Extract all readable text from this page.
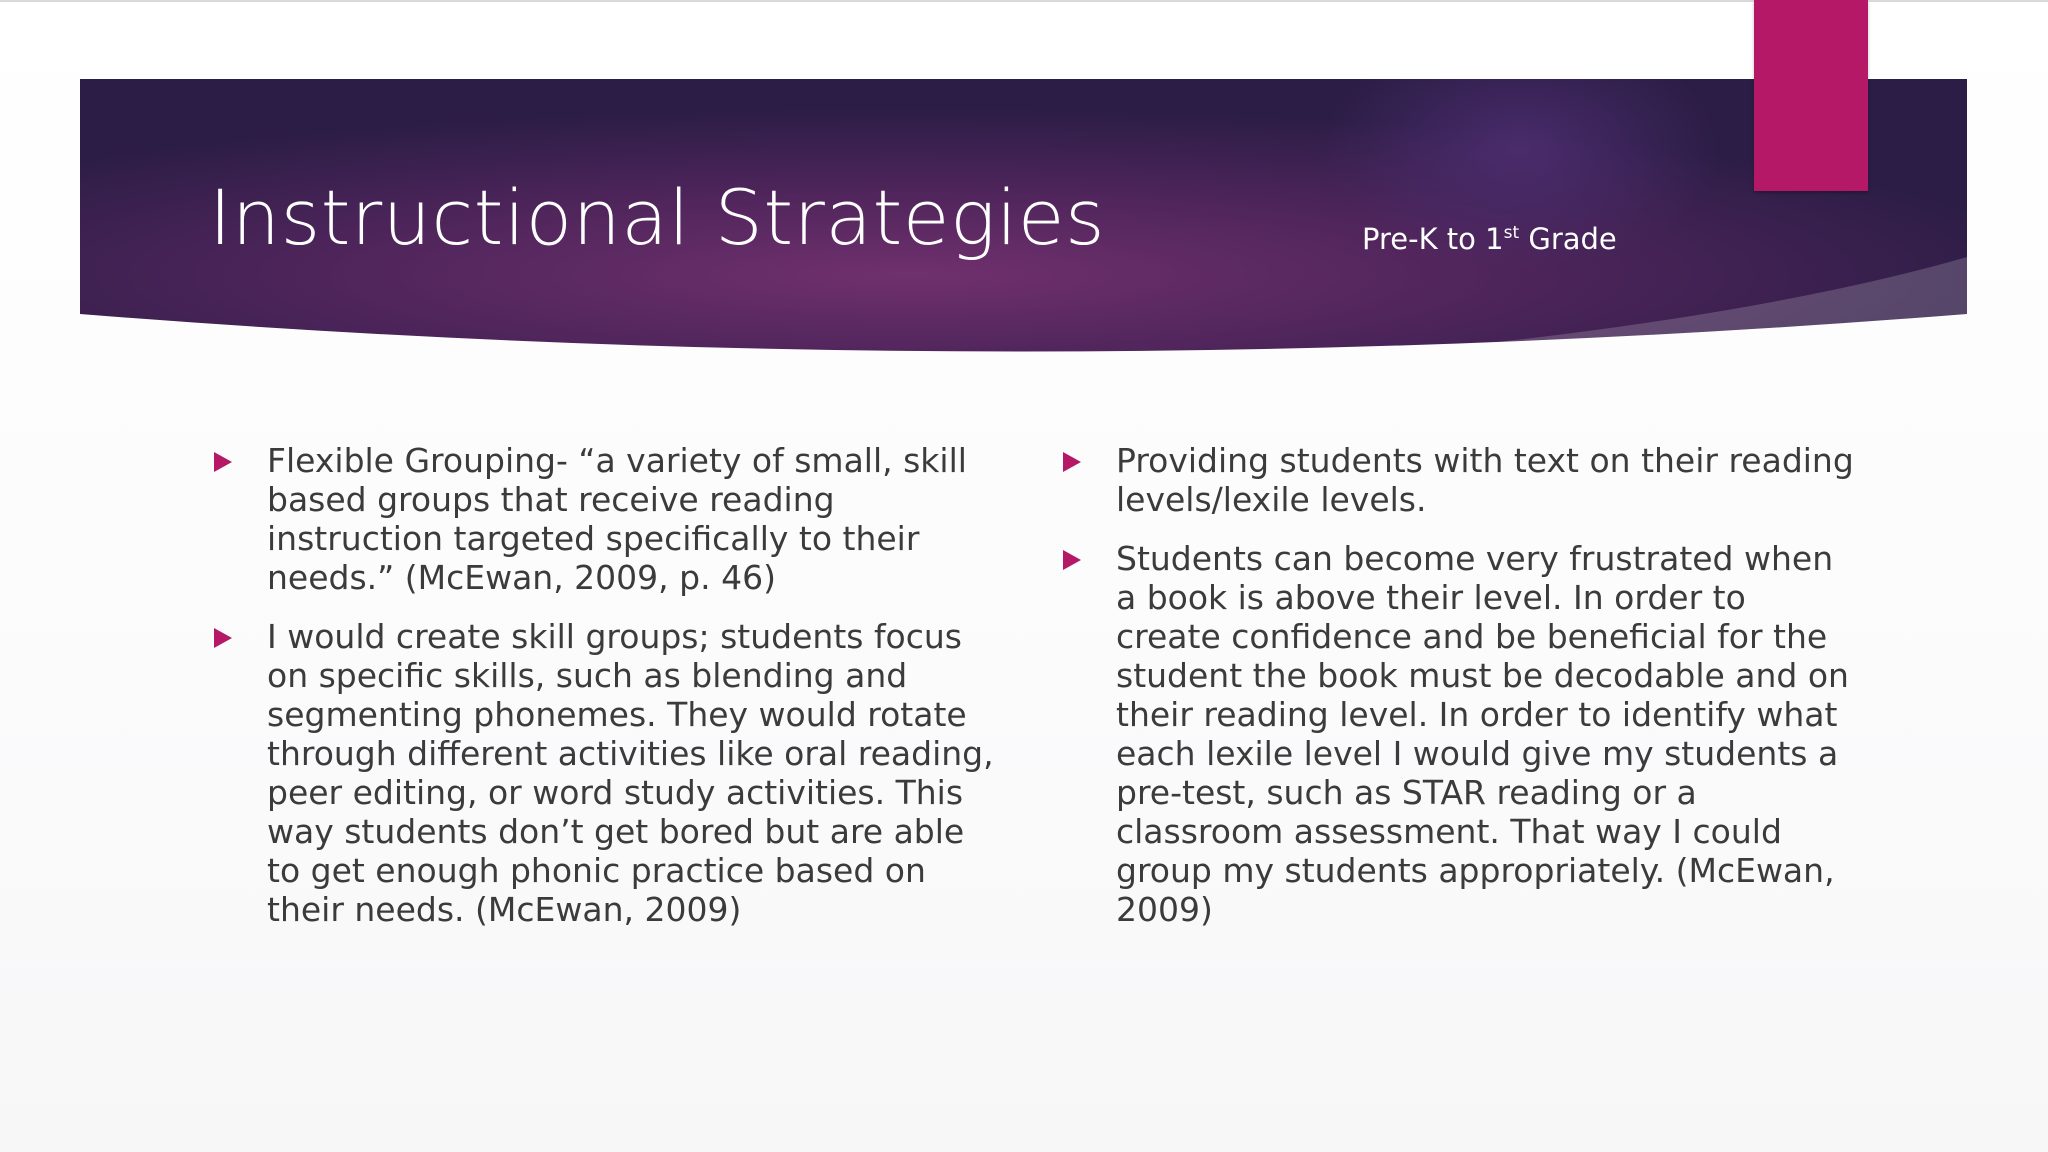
Instructional Strategies	Pre-K to 1st Grade
Flexible Grouping- “a variety of small, skill based groups that receive reading instruction targeted specifically to their needs.” (McEwan, 2009, p. 46)
I would create skill groups; students focus on specific skills, such as blending and segmenting phonemes. They would rotate through different activities like oral reading, peer editing, or word study activities. This way students don’t get bored but are able to get enough phonic practice based on their needs. (McEwan, 2009)
Providing students with text on their reading levels/lexile levels.
Students can become very frustrated when a book is above their level. In order to create confidence and be beneficial for the student the book must be decodable and on their reading level. In order to identify what each lexile level I would give my students a pre-test, such as STAR reading or a classroom assessment. That way I could group my students appropriately. (McEwan, 2009)
